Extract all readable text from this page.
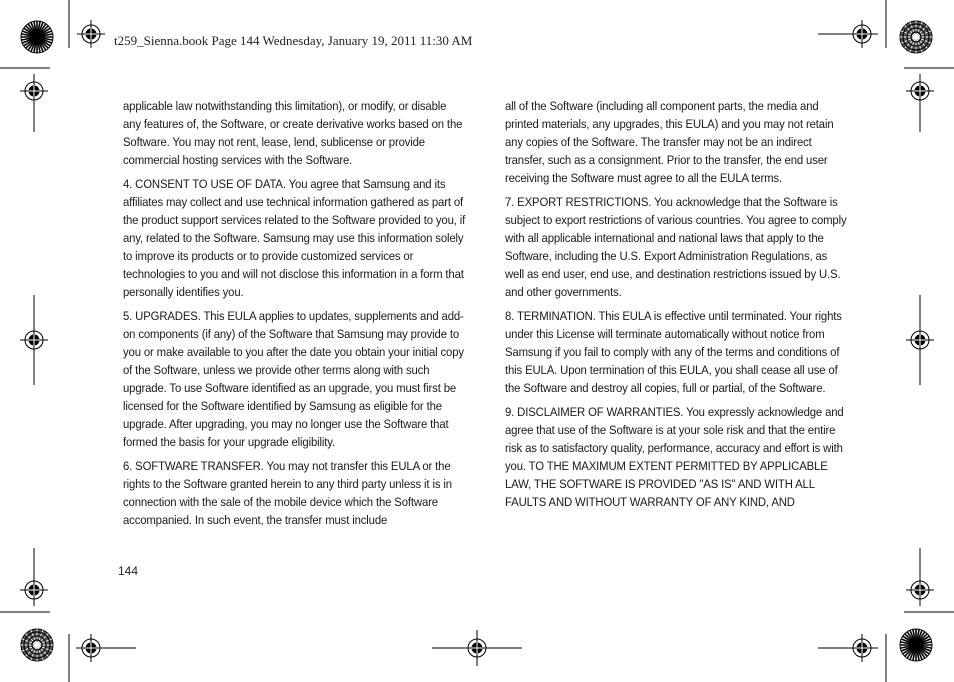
t259_Sienna.book Page 144 Wednesday, January 19, 2011 11:30 AM

applicable law notwithstanding this limitation), or modify, or disable any features of, the Software, or create derivative works based on the Software. You may not rent, lease, lend, sublicense or provide commercial hosting services with the Software.

4. CONSENT TO USE OF DATA. You agree that Samsung and its affiliates may collect and use technical information gathered as part of the product support services related to the Software provided to you, if any, related to the Software. Samsung may use this information solely to improve its products or to provide customized services or technologies to you and will not disclose this information in a form that personally identifies you.

5. UPGRADES. This EULA applies to updates, supplements and add-on components (if any) of the Software that Samsung may provide to you or make available to you after the date you obtain your initial copy of the Software, unless we provide other terms along with such upgrade. To use Software identified as an upgrade, you must first be licensed for the Software identified by Samsung as eligible for the upgrade. After upgrading, you may no longer use the Software that formed the basis for your upgrade eligibility.

6. SOFTWARE TRANSFER. You may not transfer this EULA or the rights to the Software granted herein to any third party unless it is in connection with the sale of the mobile device which the Software accompanied. In such event, the transfer must include

all of the Software (including all component parts, the media and printed materials, any upgrades, this EULA) and you may not retain any copies of the Software. The transfer may not be an indirect transfer, such as a consignment. Prior to the transfer, the end user receiving the Software must agree to all the EULA terms.

7. EXPORT RESTRICTIONS. You acknowledge that the Software is subject to export restrictions of various countries. You agree to comply with all applicable international and national laws that apply to the Software, including the U.S. Export Administration Regulations, as well as end user, end use, and destination restrictions issued by U.S. and other governments.

8. TERMINATION. This EULA is effective until terminated. Your rights under this License will terminate automatically without notice from Samsung if you fail to comply with any of the terms and conditions of this EULA. Upon termination of this EULA, you shall cease all use of the Software and destroy all copies, full or partial, of the Software.

9. DISCLAIMER OF WARRANTIES. You expressly acknowledge and agree that use of the Software is at your sole risk and that the entire risk as to satisfactory quality, performance, accuracy and effort is with you. TO THE MAXIMUM EXTENT PERMITTED BY APPLICABLE LAW, THE SOFTWARE IS PROVIDED "AS IS" AND WITH ALL FAULTS AND WITHOUT WARRANTY OF ANY KIND, AND

144
